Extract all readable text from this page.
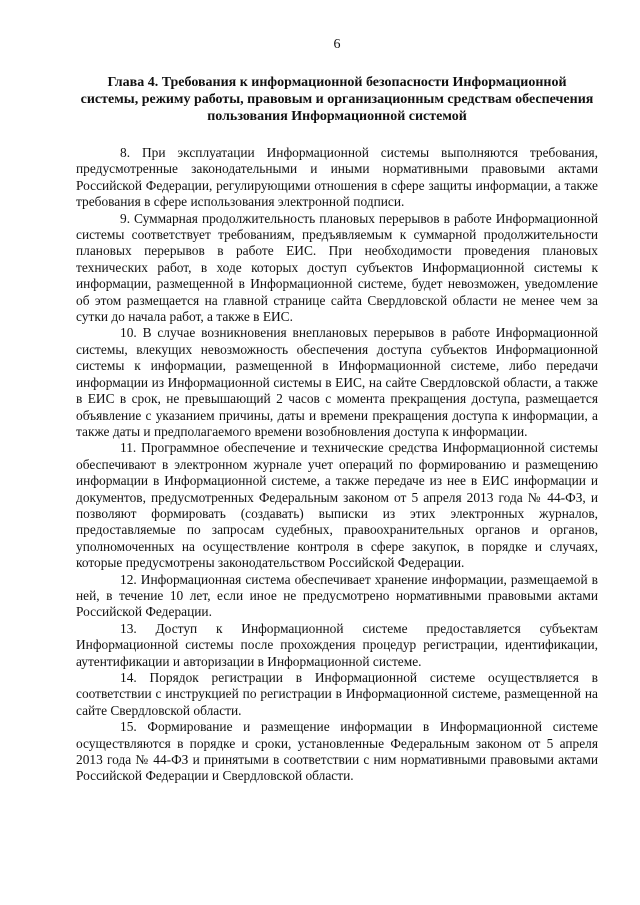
6
Глава 4. Требования к информационной безопасности Информационной системы, режиму работы, правовым и организационным средствам обеспечения пользования Информационной системой

8. При эксплуатации Информационной системы выполняются требования, предусмотренные законодательными и иными нормативными правовыми актами Российской Федерации, регулирующими отношения в сфере защиты информации, а также требования в сфере использования электронной подписи.

9. Суммарная продолжительность плановых перерывов в работе Информационной системы соответствует требованиям, предъявляемым к суммарной продолжительности плановых перерывов в работе ЕИС. При необходимости проведения плановых технических работ, в ходе которых доступ субъектов Информационной системы к информации, размещенной в Информационной системе, будет невозможен, уведомление об этом размещается на главной странице сайта Свердловской области не менее чем за сутки до начала работ, а также в ЕИС.

10. В случае возникновения внеплановых перерывов в работе Информационной системы, влекущих невозможность обеспечения доступа субъектов Информационной системы к информации, размещенной в Информационной системе, либо передачи информации из Информационной системы в ЕИС, на сайте Свердловской области, а также в ЕИС в срок, не превышающий 2 часов с момента прекращения доступа, размещается объявление с указанием причины, даты и времени прекращения доступа к информации, а также даты и предполагаемого времени возобновления доступа к информации.

11. Программное обеспечение и технические средства Информационной системы обеспечивают в электронном журнале учет операций по формированию и размещению информации в Информационной системе, а также передаче из нее в ЕИС информации и документов, предусмотренных Федеральным законом от 5 апреля 2013 года № 44-ФЗ, и позволяют формировать (создавать) выписки из этих электронных журналов, предоставляемые по запросам судебных, правоохранительных органов и органов, уполномоченных на осуществление контроля в сфере закупок, в порядке и случаях, которые предусмотрены законодательством Российской Федерации.

12. Информационная система обеспечивает хранение информации, размещаемой в ней, в течение 10 лет, если иное не предусмотрено нормативными правовыми актами Российской Федерации.

13. Доступ к Информационной системе предоставляется субъектам Информационной системы после прохождения процедур регистрации, идентификации, аутентификации и авторизации в Информационной системе.

14. Порядок регистрации в Информационной системе осуществляется в соответствии с инструкцией по регистрации в Информационной системе, размещенной на сайте Свердловской области.

15. Формирование и размещение информации в Информационной системе осуществляются в порядке и сроки, установленные Федеральным законом от 5 апреля 2013 года № 44-ФЗ и принятыми в соответствии с ним нормативными правовыми актами Российской Федерации и Свердловской области.
